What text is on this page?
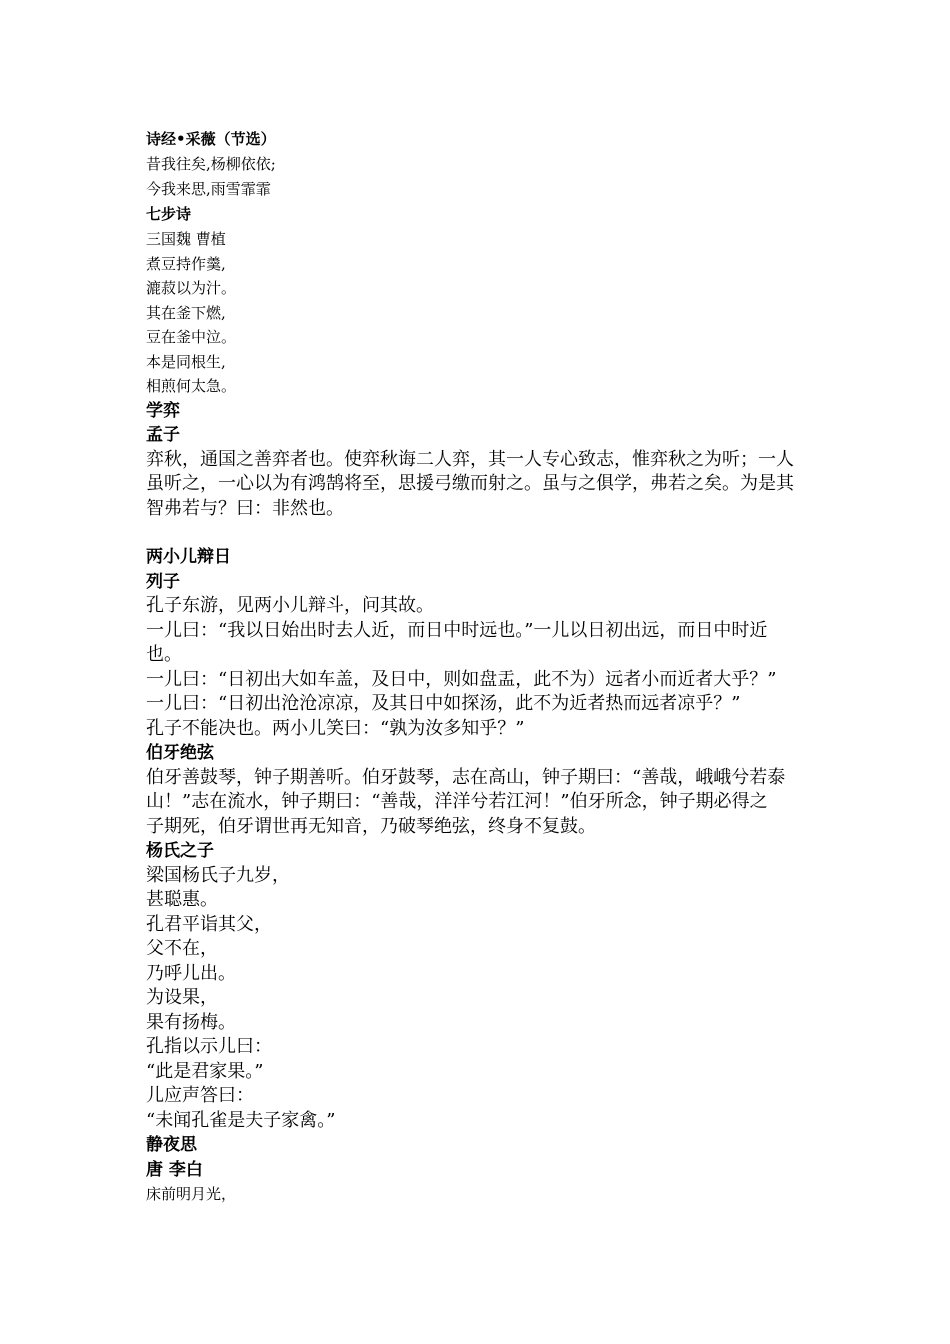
诗经•采薇（节选）
昔我往矣,杨柳依依;
今我来思,雨雪霏霏
七步诗
三国魏 曹植
煮豆持作羹,
漉菽以为汁。
其在釜下燃,
豆在釜中泣。
本是同根生,
相煎何太急。
学弈
孟子
弈秋，通国之善弈者也。使弈秋诲二人弈，其一人专心致志，惟弈秋之为听；一人
虽听之，一心以为有鸿鹄将至，思援弓缴而射之。虽与之俱学，弗若之矣。为是其
智弗若与？曰：非然也。
两小儿辩日
列子
孔子东游，见两小儿辩斗，问其故。
一儿曰：“我以日始出时去人近，而日中时远也。”一儿以日初出远，而日中时近
也。
一儿曰：“日初出大如车盖，及日中，则如盘盂，此不为）远者小而近者大乎？”
一儿曰：“日初出沧沧凉凉，及其日中如探汤，此不为近者热而远者凉乎？”
孔子不能决也。两小儿笑曰：“孰为汝多知乎？”
伯牙绝弦
伯牙善鼓琴，钟子期善听。伯牙鼓琴，志在高山，钟子期曰：“善哉，峨峨兮若泰
山！”志在流水，钟子期曰：“善哉，洋洋兮若江河！”伯牙所念，钟子期必得之
子期死，伯牙谓世再无知音，乃破琴绝弦，终身不复鼓。
杨氏之子
梁国杨氏子九岁，
甚聪惠。
孔君平诣其父，
父不在，
乃呼儿出。
为设果，
果有扬梅。
孔指以示儿曰：
“此是君家果。”
儿应声答曰：
“未闻孔雀是夫子家禽。”
静夜思
唐 李白
床前明月光，
